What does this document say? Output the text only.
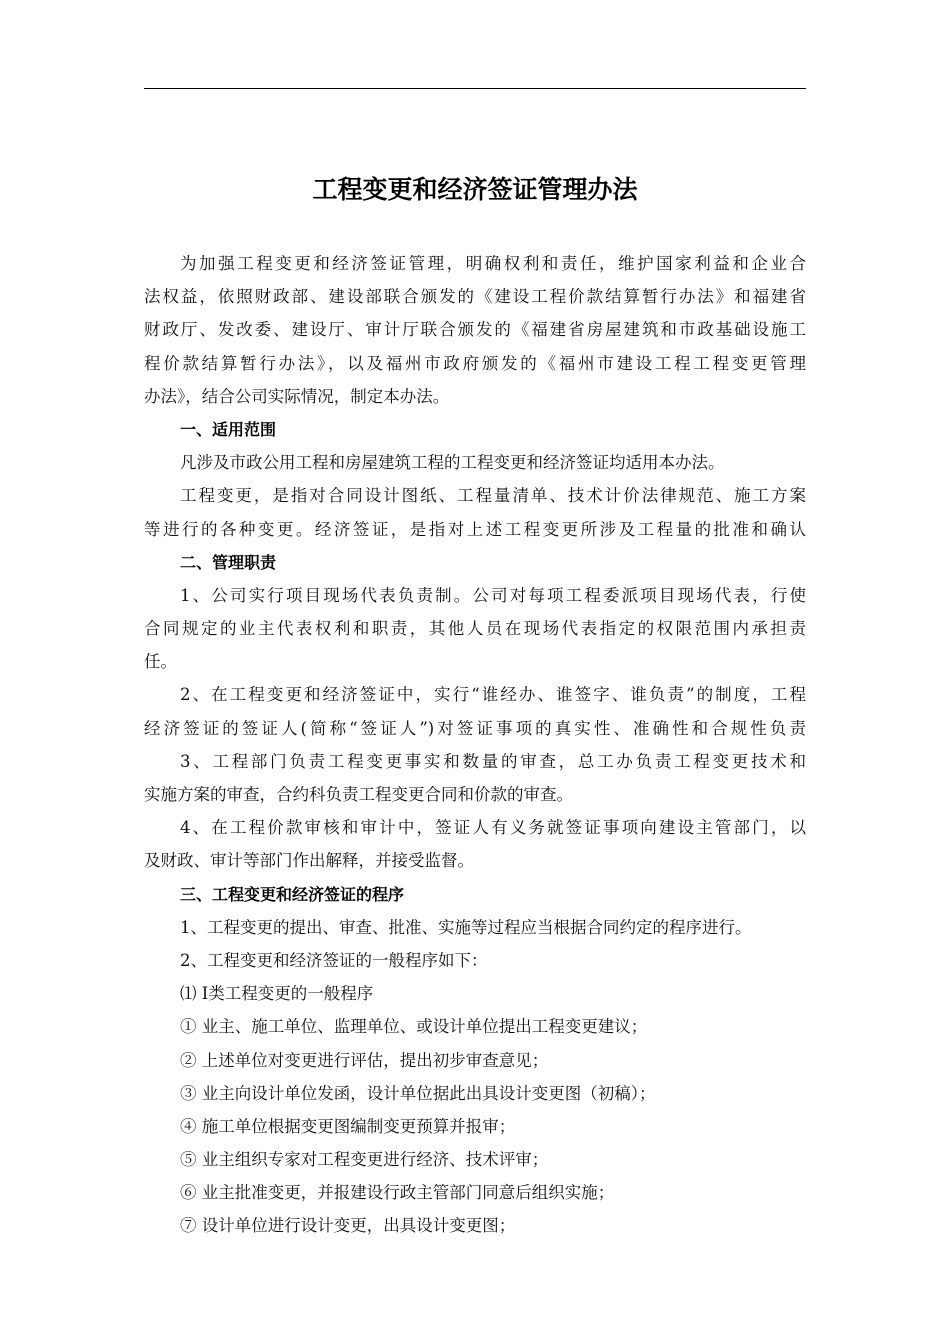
工程变更和经济签证管理办法
为加强工程变更和经济签证管理，明确权利和责任，维护国家利益和企业合
法权益，依照财政部、建设部联合颁发的《建设工程价款结算暂行办法》和福建省
财政厅、发改委、建设厅、审计厅联合颁发的《福建省房屋建筑和市政基础设施工
程价款结算暂行办法》，以及福州市政府颁发的《福州市建设工程工程变更管理
办法》，结合公司实际情况，制定本办法。
一、适用范围
凡涉及市政公用工程和房屋建筑工程的工程变更和经济签证均适用本办法。
工程变更，是指对合同设计图纸、工程量清单、技术计价法律规范、施工方案
等进行的各种变更。经济签证，是指对上述工程变更所涉及工程量的批准和确认
二、管理职责
1、公司实行项目现场代表负责制。公司对每项工程委派项目现场代表，行使
合同规定的业主代表权利和职责，其他人员在现场代表指定的权限范围内承担责
任。
2、在工程变更和经济签证中，实行“谁经办、谁签字、谁负责”的制度，工程
经济签证的签证人(简称“签证人”)对签证事项的真实性、准确性和合规性负责
3、工程部门负责工程变更事实和数量的审查，总工办负责工程变更技术和
实施方案的审查，合约科负责工程变更合同和价款的审查。
4、在工程价款审核和审计中，签证人有义务就签证事项向建设主管部门，以
及财政、审计等部门作出解释，并接受监督。
三、工程变更和经济签证的程序
1、工程变更的提出、审查、批准、实施等过程应当根据合同约定的程序进行。
2、工程变更和经济签证的一般程序如下：
⑴ Ⅰ类工程变更的一般程序
① 业主、施工单位、监理单位、或设计单位提出工程变更建议；
② 上述单位对变更进行评估，提出初步审查意见；
③ 业主向设计单位发函，设计单位据此出具设计变更图（初稿）；
④ 施工单位根据变更图编制变更预算并报审；
⑤ 业主组织专家对工程变更进行经济、技术评审；
⑥ 业主批准变更，并报建设行政主管部门同意后组织实施；
⑦ 设计单位进行设计变更，出具设计变更图；
